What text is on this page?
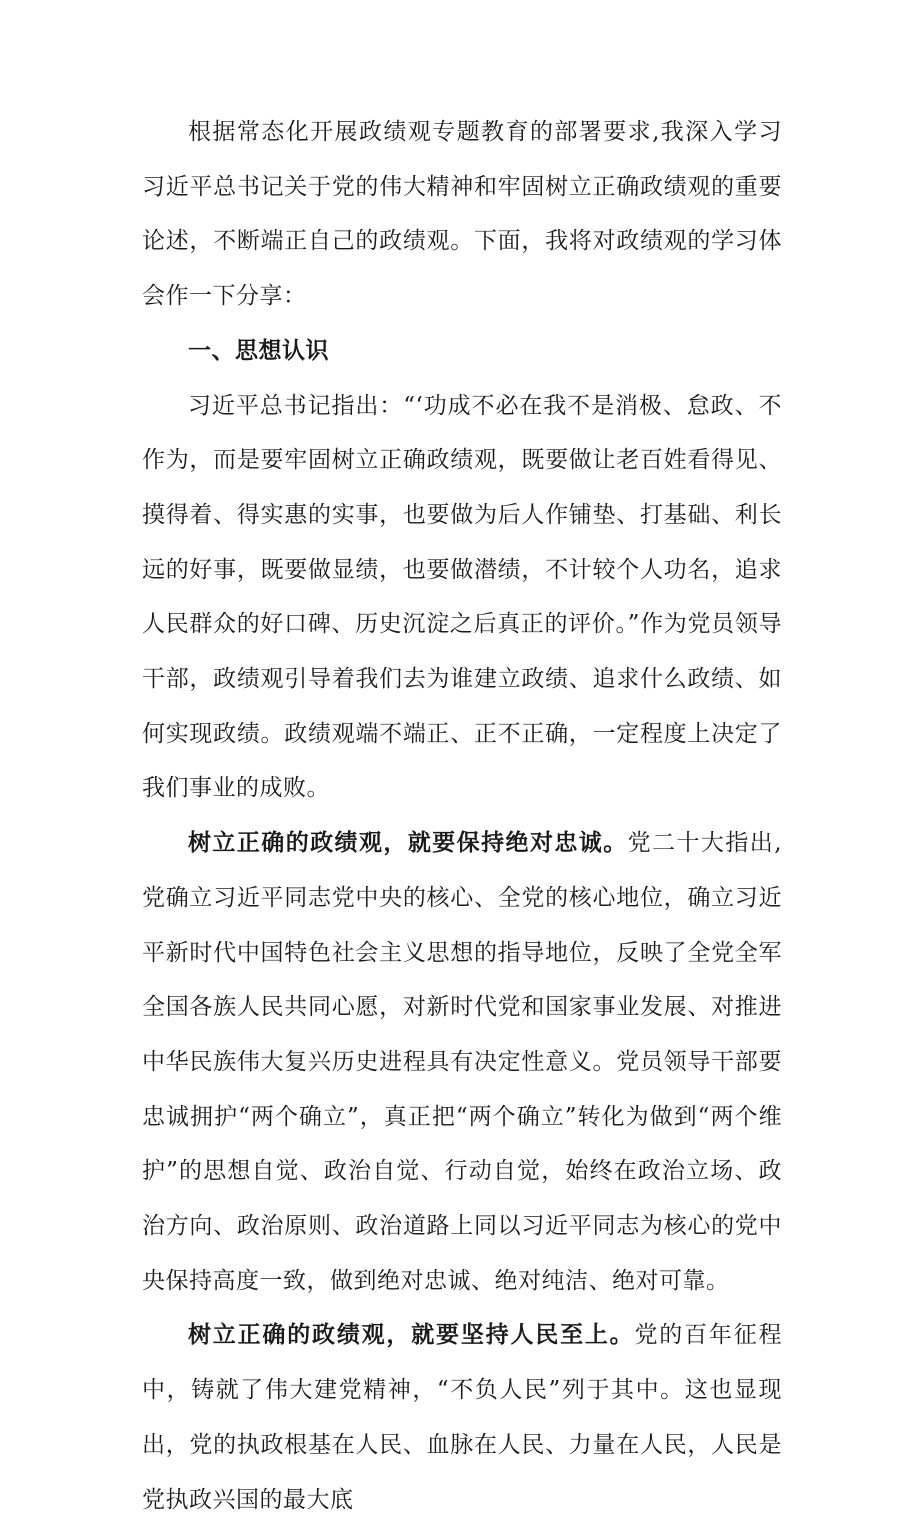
根据常态化开展政绩观专题教育的部署要求,我深入学习习近平总书记关于党的伟大精神和牢固树立正确政绩观的重要论述，不断端正自己的政绩观。下面，我将对政绩观的学习体会作一下分享：

一、思想认识

习近平总书记指出：“‘功成不必在我不是消极、怠政、不作为，而是要牢固树立正确政绩观，既要做让老百姓看得见、摸得着、得实惠的实事，也要做为后人作铺垫、打基础、利长远的好事，既要做显绩，也要做潜绩，不计较个人功名，追求人民群众的好口碑、历史沉淀之后真正的评价。”作为党员领导干部，政绩观引导着我们去为谁建立政绩、追求什么政绩、如何实现政绩。政绩观端不端正、正不正确，一定程度上决定了我们事业的成败。

树立正确的政绩观，就要保持绝对忠诚。党二十大指出,党确立习近平同志党中央的核心、全党的核心地位，确立习近平新时代中国特色社会主义思想的指导地位，反映了全党全军全国各族人民共同心愿，对新时代党和国家事业发展、对推进中华民族伟大复兴历史进程具有决定性意义。党员领导干部要忠诚拥护“两个确立”，真正把“两个确立”转化为做到“两个维护”的思想自觉、政治自觉、行动自觉，始终在政治立场、政治方向、政治原则、政治道路上同以习近平同志为核心的党中央保持高度一致，做到绝对忠诚、绝对纯洁、绝对可靠。

树立正确的政绩观，就要坚持人民至上。党的百年征程中，铸就了伟大建党精神，“不负人民”列于其中。这也显现出，党的执政根基在人民、血脉在人民、力量在人民，人民是党执政兴国的最大底
